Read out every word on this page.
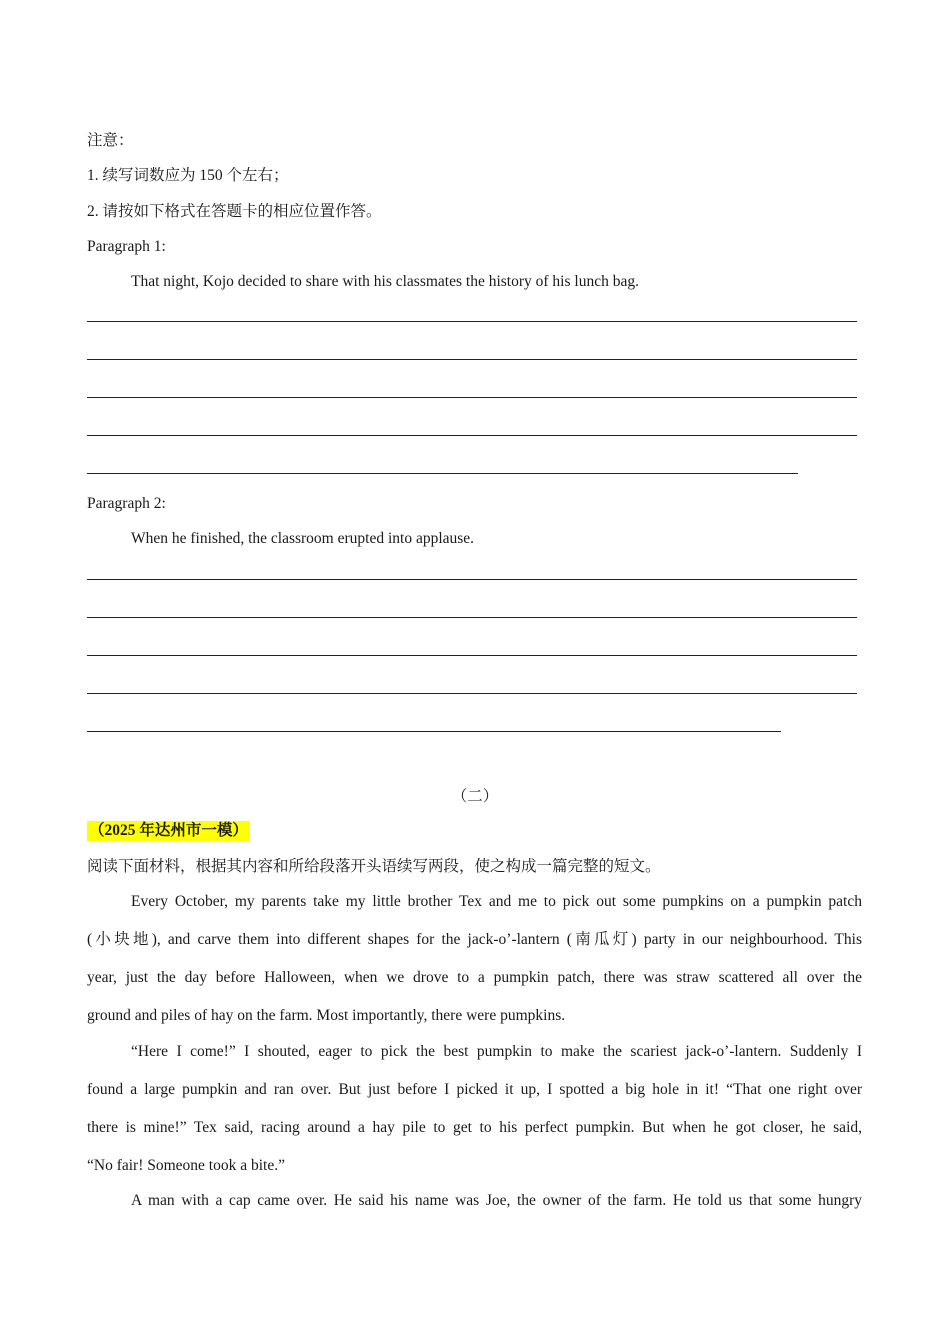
注意：
1. 续写词数应为 150 个左右；
2. 请按如下格式在答题卡的相应位置作答。
Paragraph 1:
That night, Kojo decided to share with his classmates the history of his lunch bag.
Paragraph 2:
When he finished, the classroom erupted into applause.
（二）
（2025 年达州市一模）
阅读下面材料，根据其内容和所给段落开头语续写两段，使之构成一篇完整的短文。
Every October, my parents take my little brother Tex and me to pick out some pumpkins on a pumpkin patch
(小块地), and carve them into different shapes for the jack-o’-lantern (南瓜灯) party in our neighbourhood. This
year, just the day before Halloween, when we drove to a pumpkin patch, there was straw scattered all over the
ground and piles of hay on the farm. Most importantly, there were pumpkins.
“Here I come!” I shouted, eager to pick the best pumpkin to make the scariest jack-o’-lantern. Suddenly I
found a large pumpkin and ran over. But just before I picked it up, I spotted a big hole in it! “That one right over
there is mine!” Tex said, racing around a hay pile to get to his perfect pumpkin. But when he got closer, he said,
“No fair! Someone took a bite.”
A man with a cap came over. He said his name was Joe, the owner of the farm. He told us that some hungry
